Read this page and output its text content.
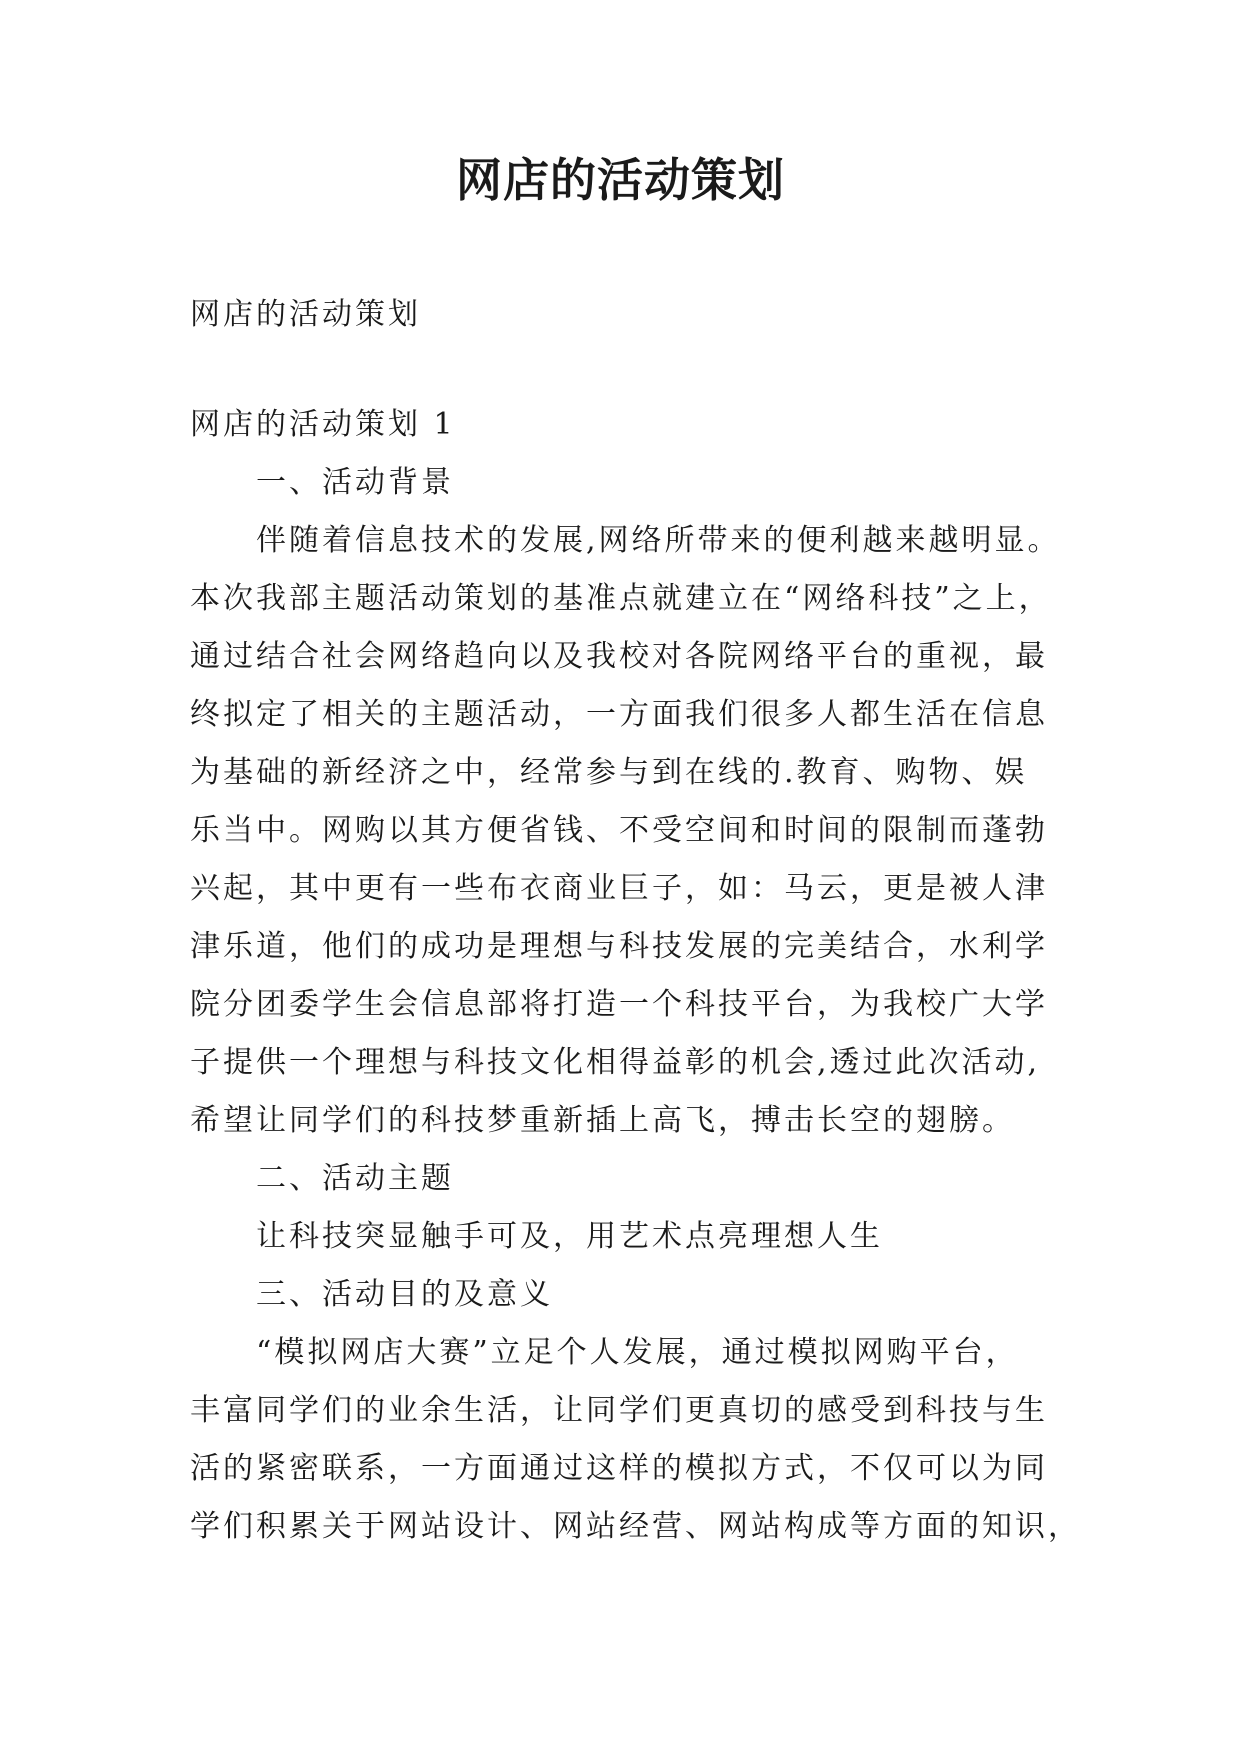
网店的活动策划
网店的活动策划

网店的活动策划 1

一、活动背景

伴随着信息技术的发展,网络所带来的便利越来越明显。

本次我部主题活动策划的基准点就建立在“网络科技”之上，

通过结合社会网络趋向以及我校对各院网络平台的重视，最

终拟定了相关的主题活动，一方面我们很多人都生活在信息

为基础的新经济之中，经常参与到在线的.教育、购物、娱

乐当中。网购以其方便省钱、不受空间和时间的限制而蓬勃

兴起，其中更有一些布衣商业巨子，如：马云，更是被人津

津乐道，他们的成功是理想与科技发展的完美结合，水利学

院分团委学生会信息部将打造一个科技平台，为我校广大学

子提供一个理想与科技文化相得益彰的机会,透过此次活动,

希望让同学们的科技梦重新插上高飞，搏击长空的翅膀。

二、活动主题

让科技突显触手可及，用艺术点亮理想人生

三、活动目的及意义

“模拟网店大赛”立足个人发展，通过模拟网购平台，

丰富同学们的业余生活，让同学们更真切的感受到科技与生

活的紧密联系，一方面通过这样的模拟方式，不仅可以为同

学们积累关于网站设计、网站经营、网站构成等方面的知识，
